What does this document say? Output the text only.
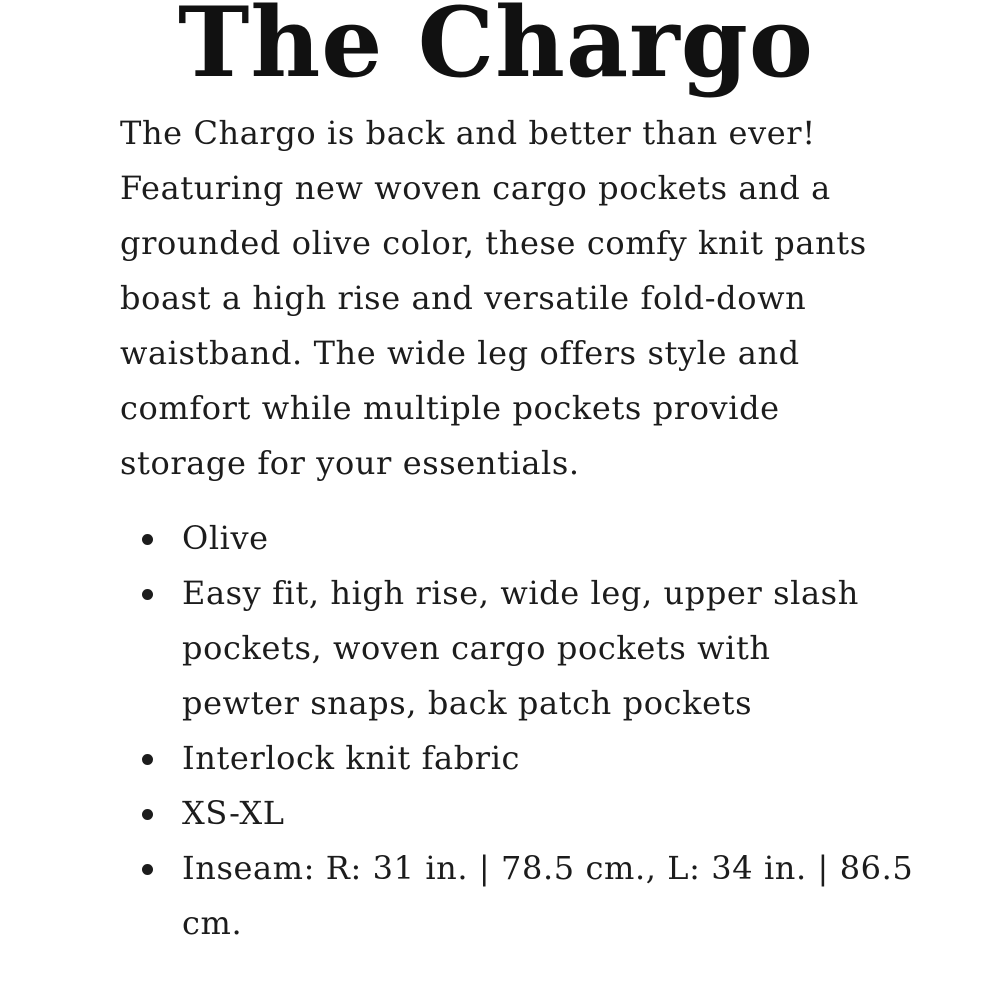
The Chargo

The Chargo is back and better than ever!
Featuring new woven cargo pockets and a
grounded olive color, these comfy knit pants
boast a high rise and versatile fold-down
waistband. The wide leg offers style and
comfort while multiple pockets provide
storage for your essentials.

Olive
Easy fit, high rise, wide leg, upper slash
pockets, woven cargo pockets with
pewter snaps, back patch pockets
Interlock knit fabric
XS-XL
Inseam: R: 31 in. | 78.5 cm., L: 34 in. | 86.5
cm.
